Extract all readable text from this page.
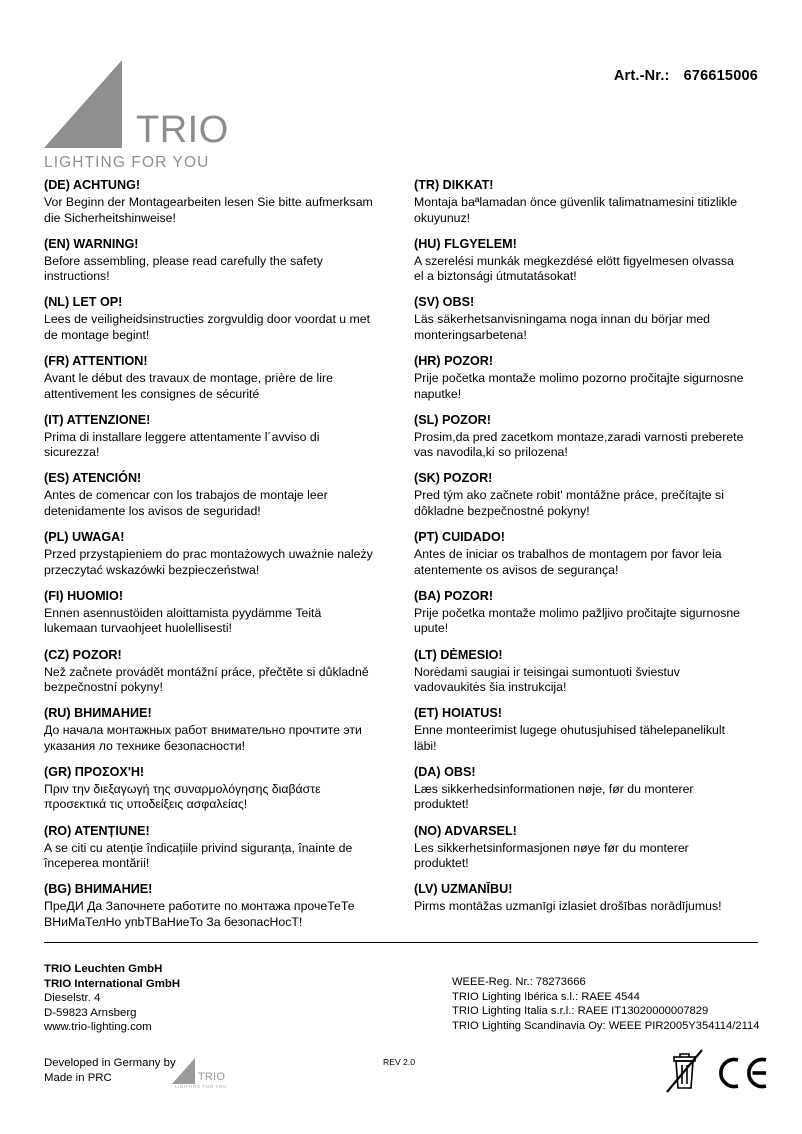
Art.-Nr.: 676615006
TRIO
LIGHTING FOR YOU
(DE) ACHTUNG!
Vor Beginn der Montagearbeiten lesen Sie bitte aufmerksam die Sicherheitshinweise!
(EN) WARNING!
Before assembling, please read carefully the safety instructions!
(NL) LET OP!
Lees de veiligheidsinstructies zorgvuldig door voordat u met de montage begint!
(FR) ATTENTION!
Avant le début des travaux de montage, prière de lire attentivement les consignes de sécurité
(IT) ATTENZIONE!
Prima di installare leggere attentamente l´avviso di sicurezza!
(ES) ATENCIÓN!
Antes de comencar con los trabajos de montaje leer detenidamente los avisos de seguridad!
(PL) UWAGA!
Przed przystąpieniem do prac montażowych uważnie należy przeczytać wskazówki bezpieczeństwa!
(FI) HUOMIO!
Ennen asennustöiden aloittamista pyydämme Teitä lukemaan turvaohjeet huolellisesti!
(CZ) POZOR!
Než začnete provádět montážní práce, přečtěte si důkladně bezpečnostní pokyny!
(RU) ВНИМАНИЕ!
До начала монтажных работ внимательно прочтите эти указания ло технике безопасности!
(GR) ΠΡΟΣΟΧ'Η!
Πριν την διεξαγωγή της συναρμολόγησης διαβάστε προσεκτικά τις υποδείξεις ασφαλείας!
(RO) ATENȚIUNE!
A se citi cu atenție îndicațiile privind siguranța, înainte de începerea montării!
(BG) ВНИМАНИЕ!
ПреДИ Да Започнете работите по монтажа прочеТеТе ВНиМаТелНо упbТВаНиеТо За безопасНосТ!
(TR) DIKKAT!
Montaja baªlamadan önce güvenlik talimatnamesini titizlikle okuyunuz!
(HU) FLGYELEM!
A szerelési munkák megkezdésé elött figyelmesen olvassa el a biztonsági útmutatásokat!
(SV) OBS!
Läs säkerhetsanvisningama noga innan du börjar med monteringsarbetena!
(HR) POZOR!
Prije početka montaže molimo pozorno pročitajte sigurnosne naputke!
(SL) POZOR!
Prosim,da pred zacetkom montaze,zaradi varnosti preberete vas navodila,ki so prilozena!
(SK) POZOR!
Pred tým ako začnete robit' montážne práce, prečítajte si dôkladne bezpečnostné pokyny!
(PT) CUIDADO!
Antes de iniciar os trabalhos de montagem por favor leia atentemente os avisos de segurança!
(BA) POZOR!
Prije početka montaže molimo pažljivo pročitajte sigurnosne upute!
(LT) DĖMESIO!
Norėdami saugiai ir teisingai sumontuoti šviestuv vadovaukitės šia instrukcija!
(ET) HOIATUS!
Enne monteerimist lugege ohutusjuhised tähelepanelikult läbi!
(DA) OBS!
Læs sikkerhedsinformationen nøje, før du monterer produktet!
(NO) ADVARSEL!
Les sikkerhetsinformasjonen nøye før du monterer produktet!
(LV) UZMANĪBU!
Pirms montāžas uzmanīgi izlasiet drošības norādījumus!
TRIO Leuchten GmbH
TRIO International GmbH
Dieselstr. 4
D-59823 Arnsberg
www.trio-lighting.com
WEEE-Reg. Nr.: 78273666
TRIO Lighting Ibérica s.l.: RAEE 4544
TRIO Lighting Italia s.r.l.: RAEE IT13020000007829
TRIO Lighting Scandinavia Oy: WEEE PIR2005Y354114/2114
Developed in Germany by
Made in PRC
REV 2.0
TRIO
LIGHTING FOR YOU
